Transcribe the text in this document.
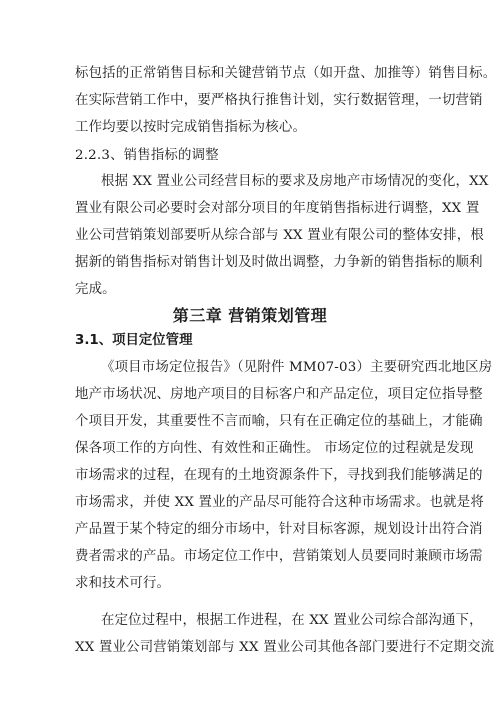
标包括的正常销售目标和关键营销节点（如开盘、加推等）销售目标。
在实际营销工作中，要严格执行推售计划，实行数据管理，一切营销
工作均要以按时完成销售指标为核心。
2.2.3、销售指标的调整
根据 XX 置业公司经营目标的要求及房地产市场情况的变化，XX
置业有限公司必要时会对部分项目的年度销售指标进行调整，XX 置
业公司营销策划部要听从综合部与 XX 置业有限公司的整体安排，根
据新的销售指标对销售计划及时做出调整，力争新的销售指标的顺利
完成。
第三章 营销策划管理
3.1、项目定位管理
《项目市场定位报告》（见附件 MM07-03）主要研究西北地区房
地产市场状况、房地产项目的目标客户和产品定位，项目定位指导整
个项目开发，其重要性不言而喻，只有在正确定位的基础上，才能确
保各项工作的方向性、有效性和正确性。 市场定位的过程就是发现
市场需求的过程，在现有的土地资源条件下，寻找到我们能够满足的
市场需求，并使 XX 置业的产品尽可能符合这种市场需求。也就是将
产品置于某个特定的细分市场中，针对目标客源，规划设计出符合消
费者需求的产品。市场定位工作中，营销策划人员要同时兼顾市场需
求和技术可行。
在定位过程中，根据工作进程，在 XX 置业公司综合部沟通下，
XX 置业公司营销策划部与 XX 置业公司其他各部门要进行不定期交流
